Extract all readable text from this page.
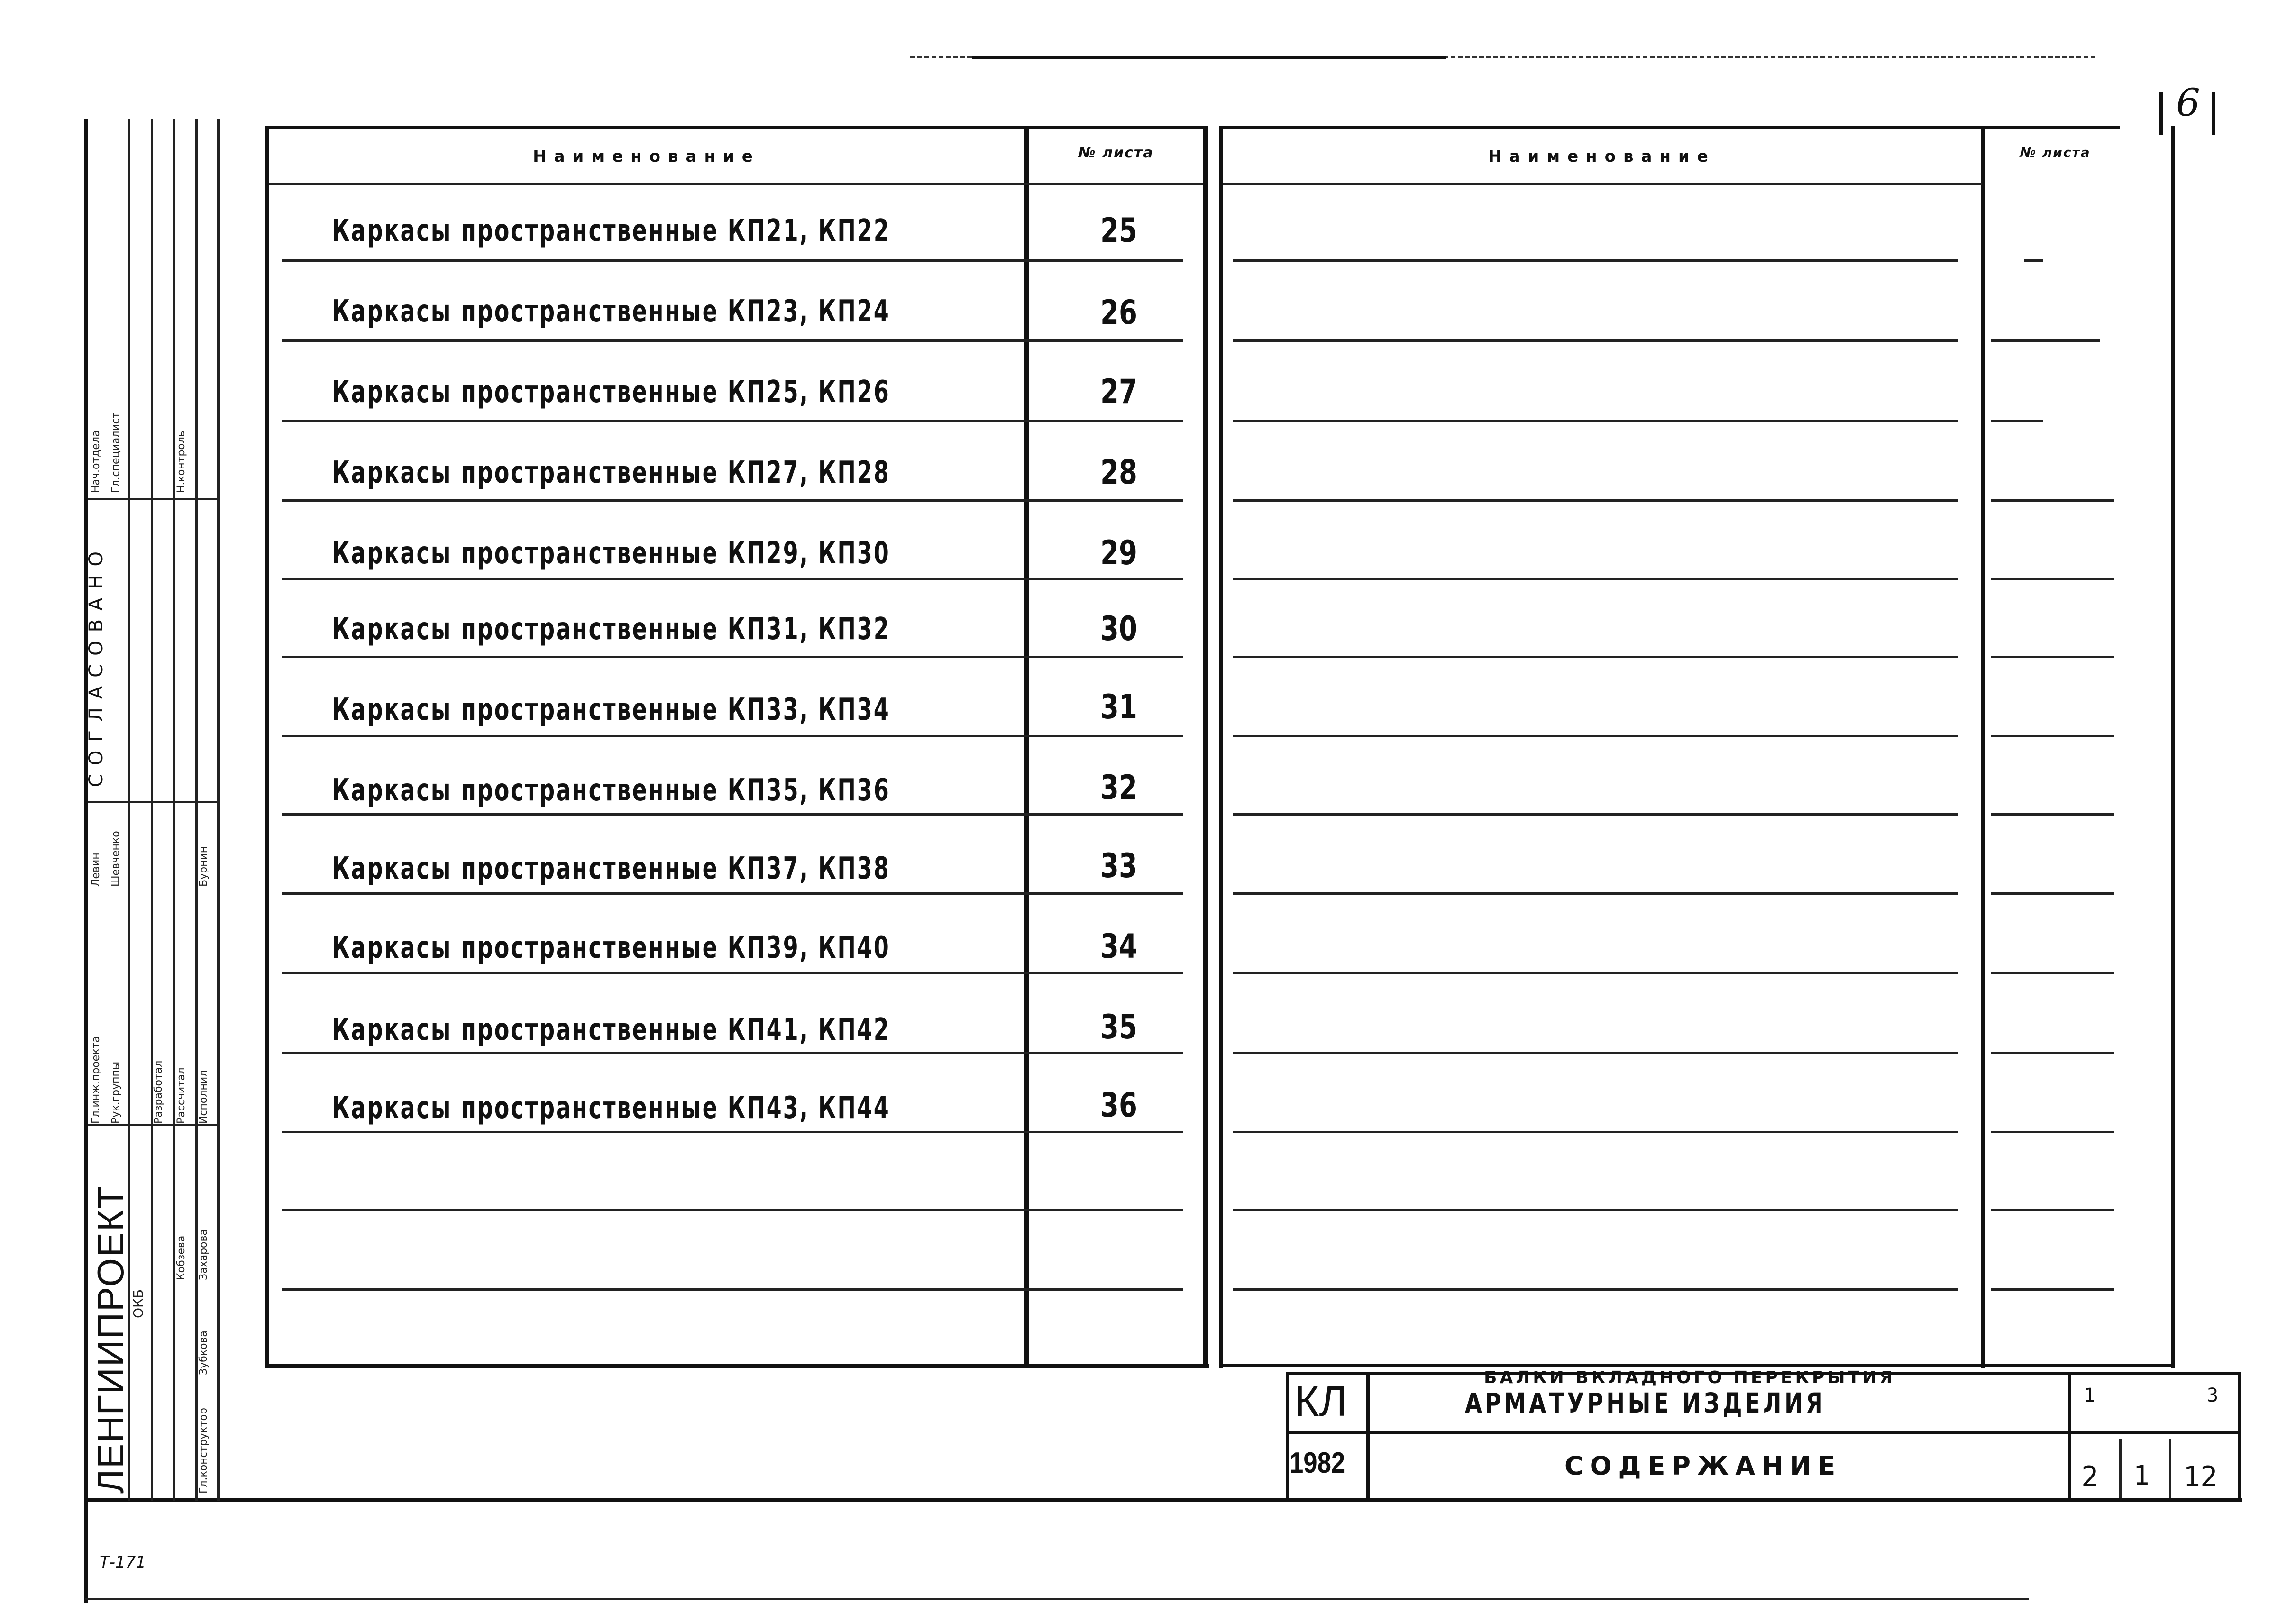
6
Наименование	№ листа	Наименование	№ листа
Каркасы пространственные КП21, КП22	25
Каркасы пространственные КП23, КП24	26
Каркасы пространственные КП25, КП26	27
Каркасы пространственные КП27, КП28	28
Каркасы пространственные КП29, КП30	29
Каркасы пространственные КП31, КП32	30
Каркасы пространственные КП33, КП34	31
Каркасы пространственные КП35, КП36	32
Каркасы пространственные КП37, КП38	33
Каркасы пространственные КП39, КП40	34
Каркасы пространственные КП41, КП42	35
Каркасы пространственные КП43, КП44	36
КЛ
1982
БАЛКИ ВКЛАДНОГО ПЕРЕКРЫТИЯ
АРМАТУРНЫЕ ИЗДЕЛИЯ
СОДЕРЖАНИЕ
1	3
2 1 12
ЛЕНГИИПРОЕКТ
СОГЛАСОВАНО
Разработал Рассчитал Исполнил
Гл.инж.проекта Рук.группы
Нач.отдела Гл.специалист	Н.контроль
Гл.конструктор
Кобзева Захарова
Зубкова
Левин Шевченко	Бурнин
ОКБ
Т-171
